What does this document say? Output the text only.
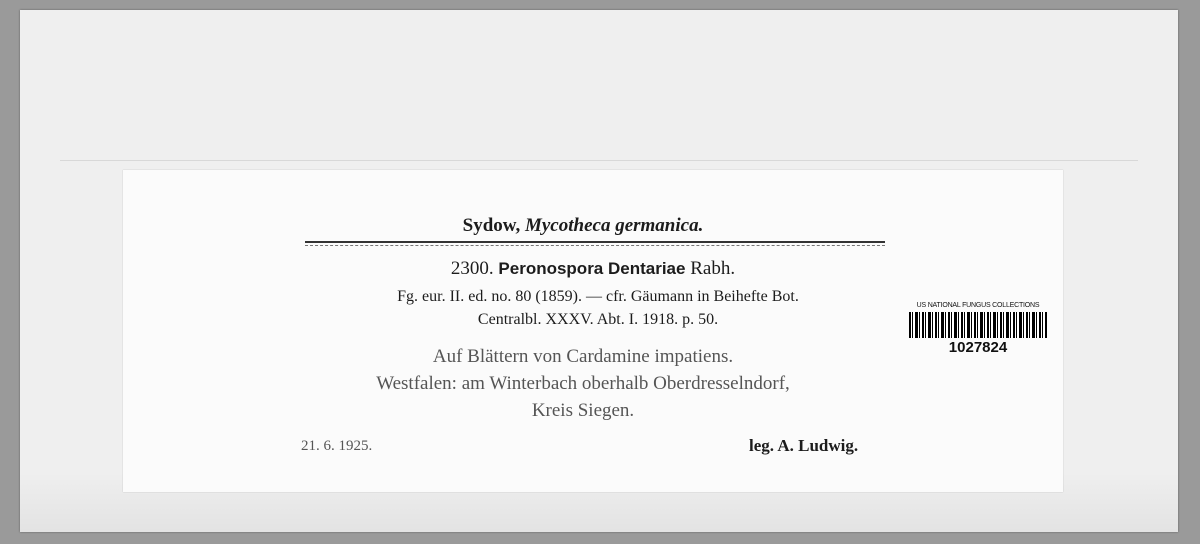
Sydow, Mycotheca germanica.
2300. Peronospora Dentariae Rabh.
Fg. eur. II. ed. no. 80 (1859). — cfr. Gäumann in Beihefte Bot.
Centralbl. XXXV. Abt. I. 1918. p. 50.
Auf Blättern von Cardamine impatiens.
Westfalen: am Winterbach oberhalb Oberdresselndorf,
Kreis Siegen.
21. 6. 1925.	leg. A. Ludwig.
US NATIONAL FUNGUS COLLECTIONS
1027824
